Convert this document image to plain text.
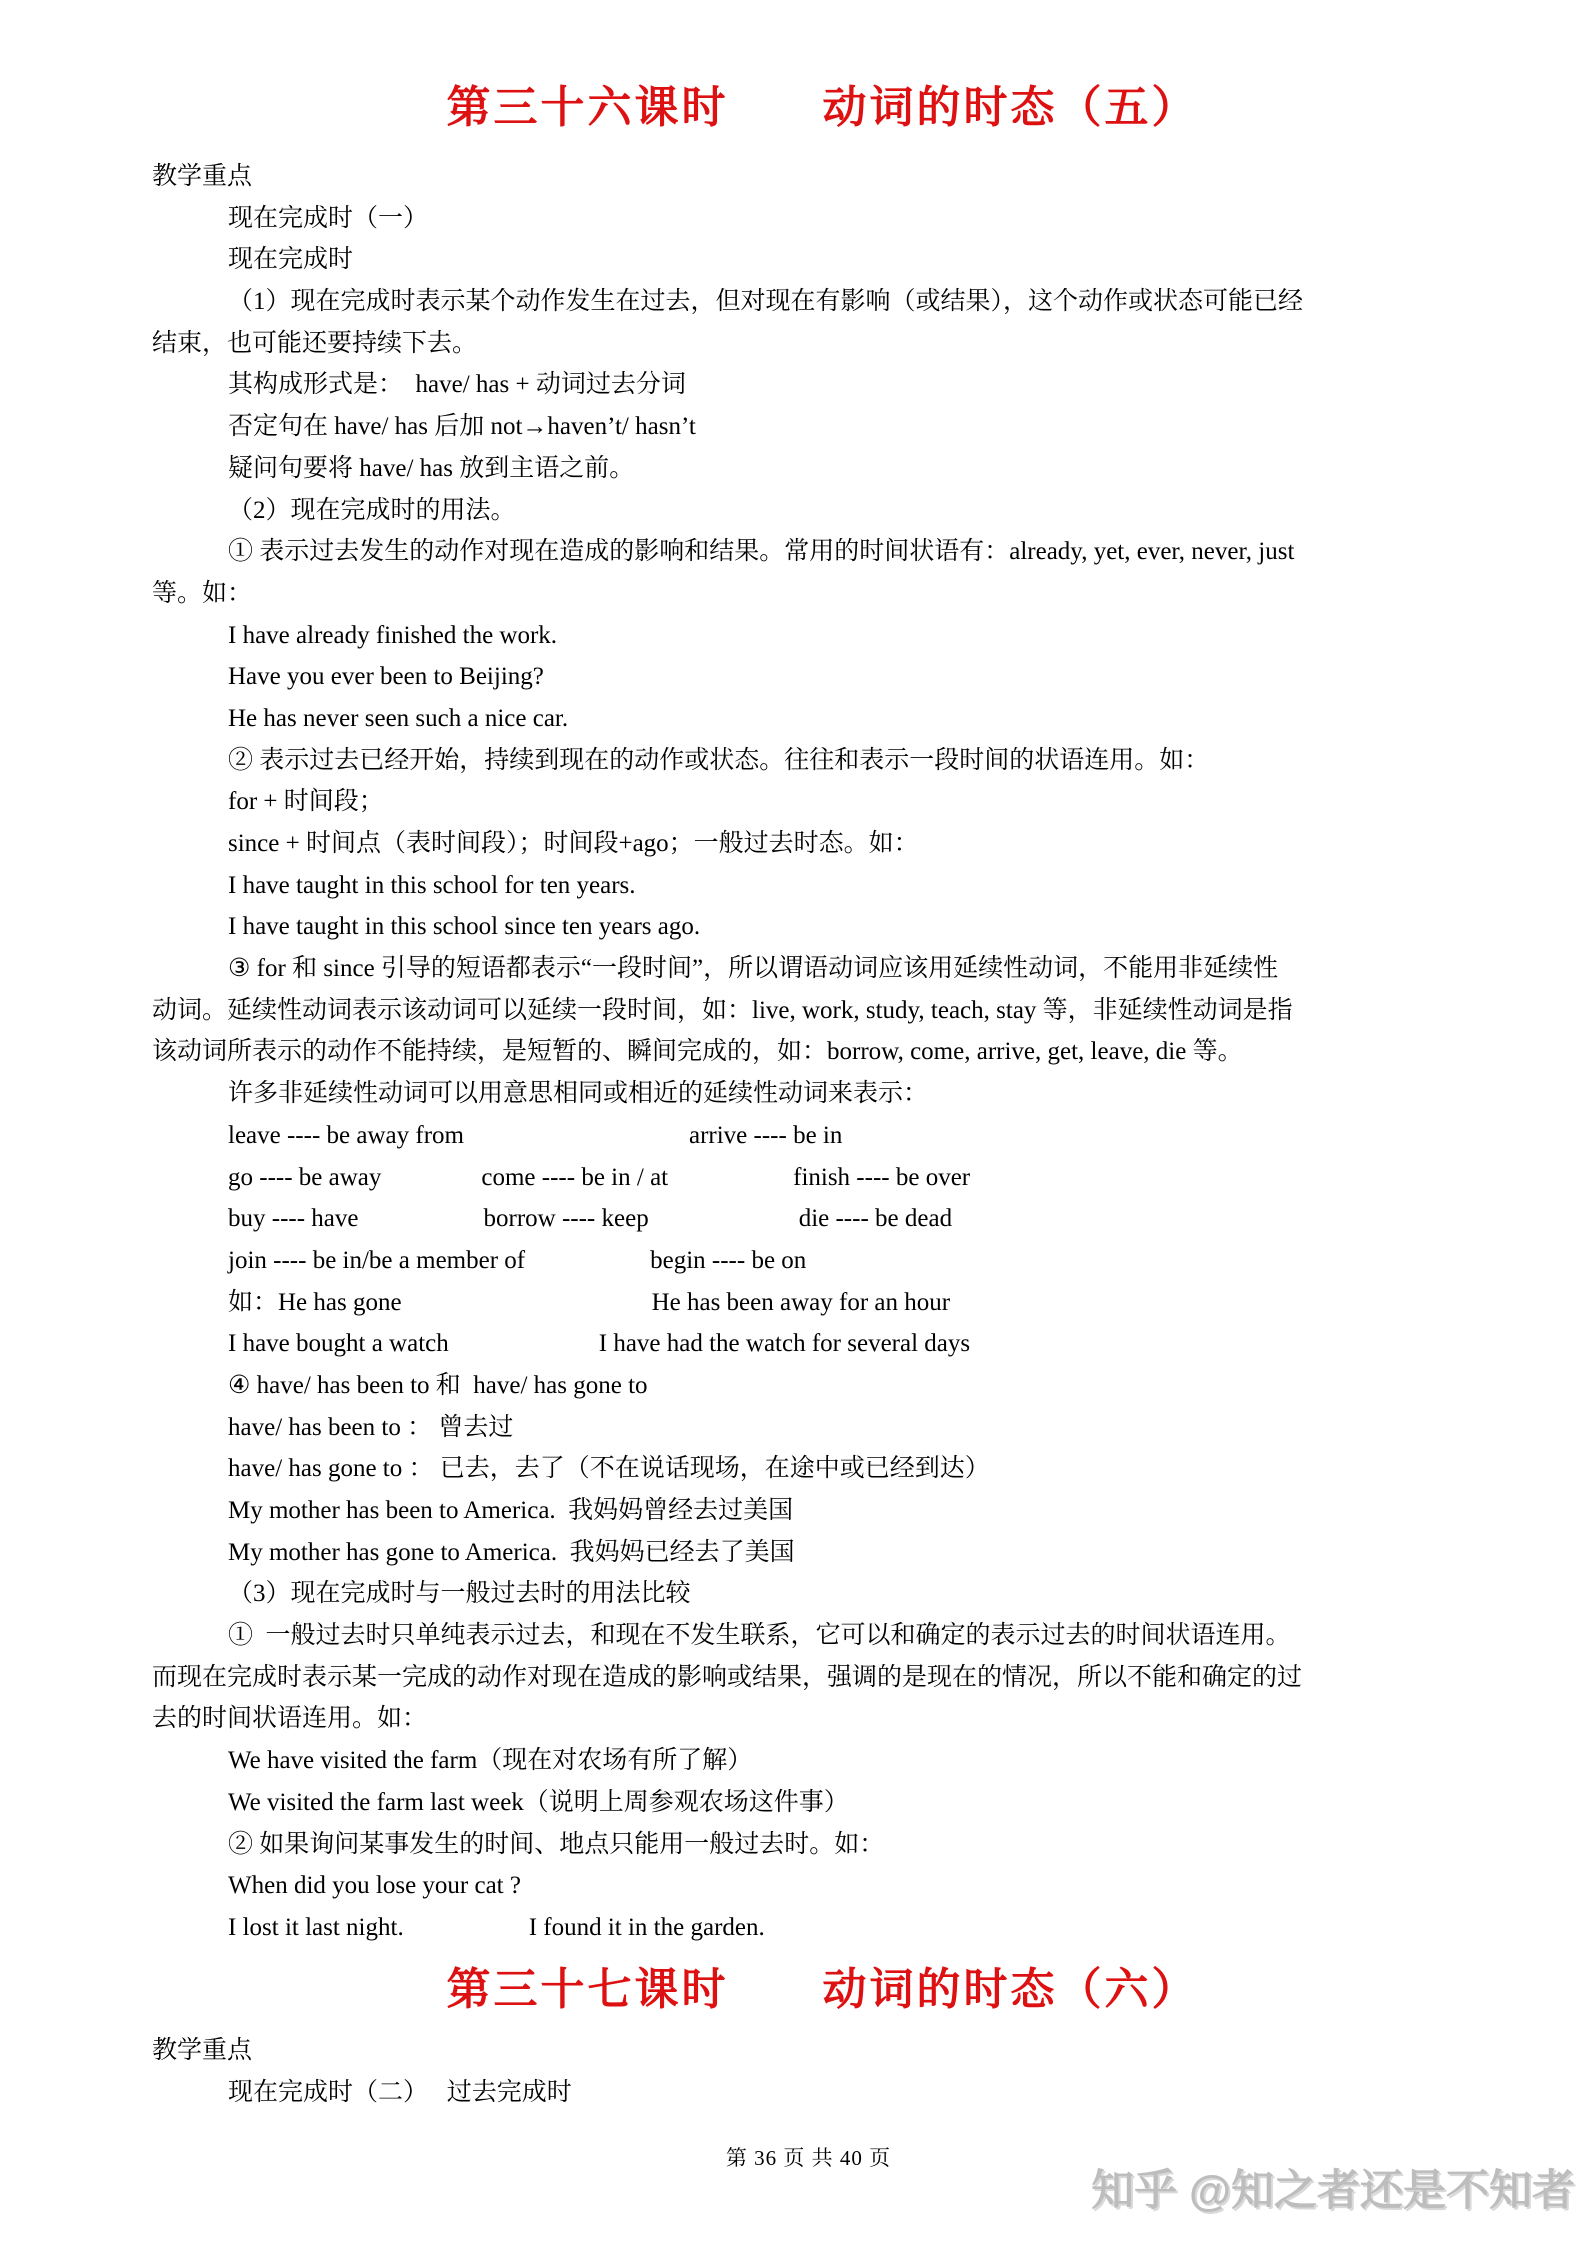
第三十六课时　　动词的时态（五）
教学重点
现在完成时（一）
现在完成时
（1）现在完成时表示某个动作发生在过去，但对现在有影响（或结果），这个动作或状态可能已经
结束，也可能还要持续下去。
其构成形式是：　have/ has + 动词过去分词
否定句在 have/ has 后加 not→haven’t/ hasn’t
疑问句要将 have/ has 放到主语之前。
（2）现在完成时的用法。
① 表示过去发生的动作对现在造成的影响和结果。常用的时间状语有：already, yet, ever, never, just
等。如：
I have already finished the work.
Have you ever been to Beijing?
He has never seen such a nice car.
② 表示过去已经开始，持续到现在的动作或状态。往往和表示一段时间的状语连用。如：
for + 时间段；
since + 时间点（表时间段）；时间段+ago；一般过去时态。如：
I have taught in this school for ten years.
I have taught in this school since ten years ago.
③ for 和 since 引导的短语都表示“一段时间”，所以谓语动词应该用延续性动词，不能用非延续性
动词。延续性动词表示该动词可以延续一段时间，如：live, work, study, teach, stay 等，非延续性动词是指
该动词所表示的动作不能持续，是短暂的、瞬间完成的，如：borrow, come, arrive, get, leave, die 等。
许多非延续性动词可以用意思相同或相近的延续性动词来表示：
leave ---- be away from　　　　　　　　　arrive ---- be in
go ---- be away　　　　come ---- be in / at　　　　　finish ---- be over
buy ---- have　　　　　borrow ---- keep　　　　　　die ---- be dead
join ---- be in/be a member of　　　　　begin ---- be on
如：He has gone　　　　　　　　　　He has been away for an hour
I have bought a watch　　　　　　I have had the watch for several days
④ have/ has been to 和  have/ has gone to
have/ has been to ： 曾去过
have/ has gone to ： 已去，去了（不在说话现场，在途中或已经到达）
My mother has been to America.  我妈妈曾经去过美国
My mother has gone to America.  我妈妈已经去了美国
（3）现在完成时与一般过去时的用法比较
①  一般过去时只单纯表示过去，和现在不发生联系，它可以和确定的表示过去的时间状语连用。
而现在完成时表示某一完成的动作对现在造成的影响或结果，强调的是现在的情况，所以不能和确定的过
去的时间状语连用。如：
We have visited the farm（现在对农场有所了解）
We visited the farm last week（说明上周参观农场这件事）
② 如果询问某事发生的时间、地点只能用一般过去时。如：
When did you lose your cat ?
I lost it last night.　　　　　I found it in the garden.
第三十七课时　　动词的时态（六）
教学重点
现在完成时（二）　 过去完成时
第 36 页 共 40 页
知乎 @知之者还是不知者
